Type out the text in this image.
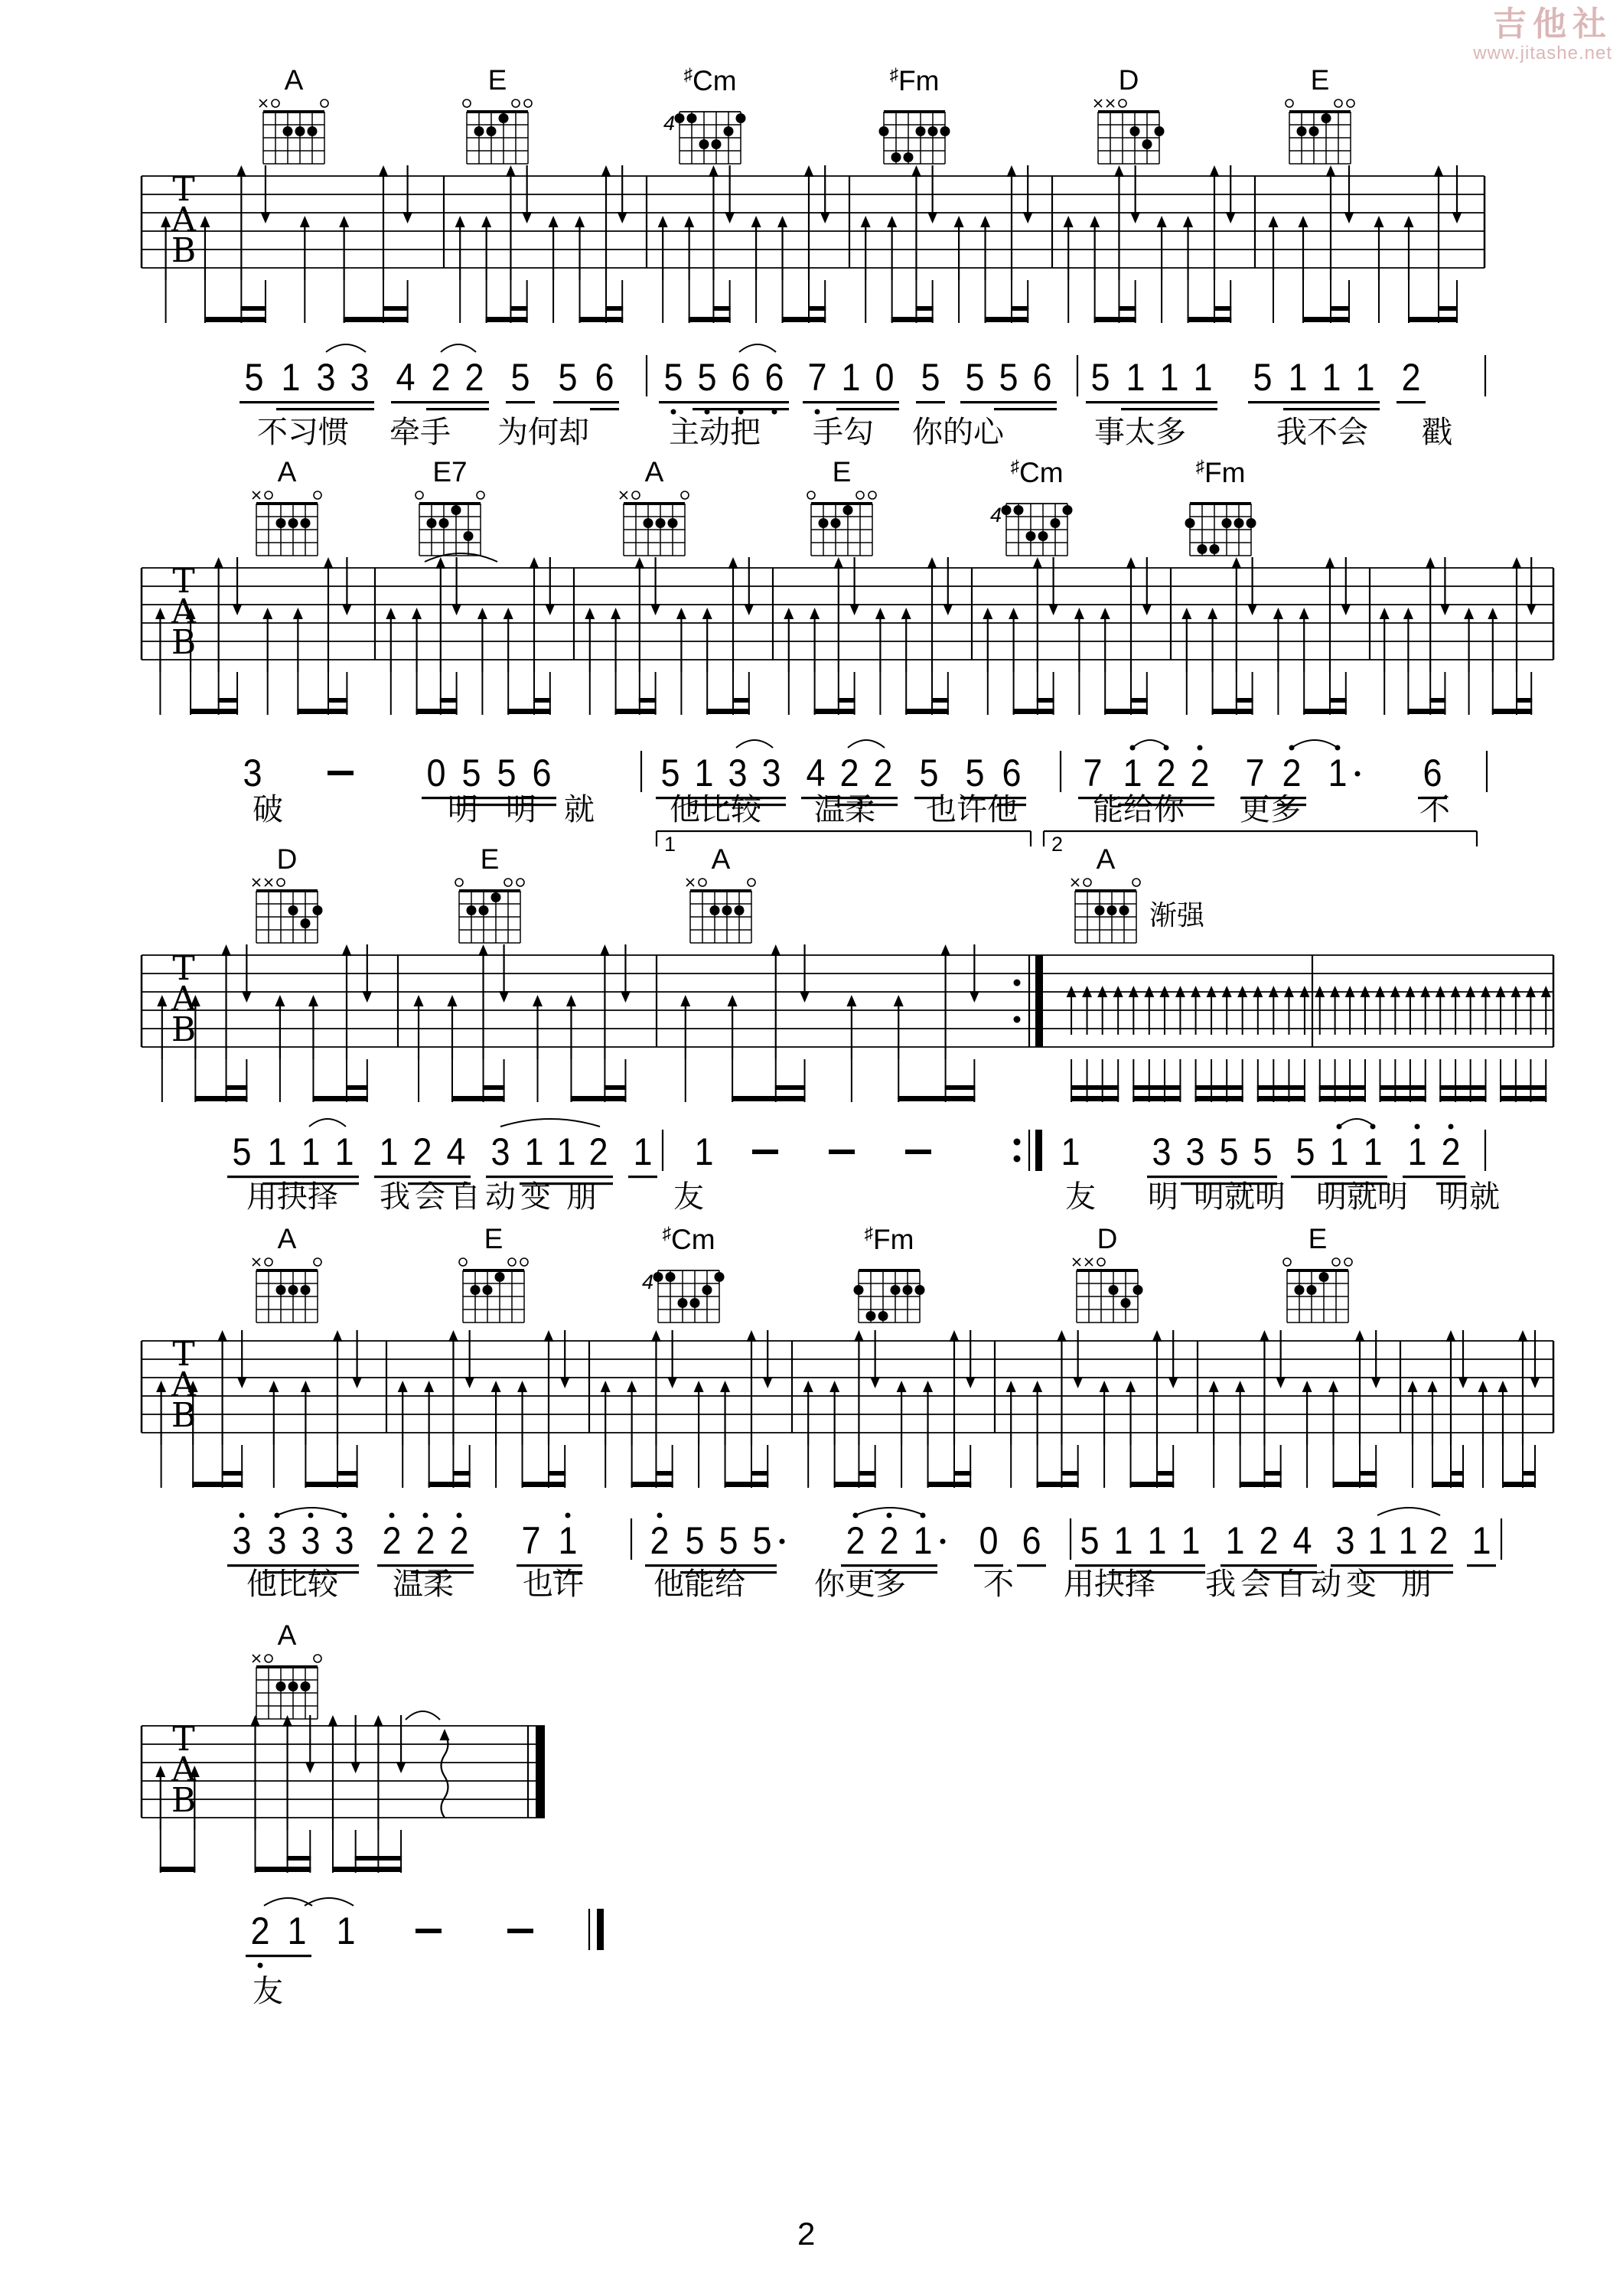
吉他社
www.jitashe.net
2
T
A
B
A	E	♯Cm
4
♯Fm	D	E
T
A
B
A	E7	A	E	♯Cm
4
♯Fm
T
A
B
D	E	A	A
渐强
T
A
B
A	E	♯Cm
4
♯Fm	D	E
T
A
B
A
5 1 3 3 4 2 2 5 5 6 5 5 6 6 7 1 0 5 5 5 6 5 1 1 1 5 1 1 1 2
不习惯 牵手 为何却	主动把 手勾 你的心	事太多	我不会 戳
3	0 5 5 6	5 1 3 3 4 2 2 5 5 6 7 1 2 2 7 2 1 6
1	2
破	明明就 他比较 温柔 也许他 能给你 更多	不
5 1 1 1 1 2 4 3 1 1 2 1 1	1 3 3 5 5 5 1 1 1 2
用抉择 我会自动变 朋	友	友 明 明就明 明就明 明就
3 3 3 3 2 2 2 7 1 2 5 5 5 2 2 1 0 6 5 1 1 1 1 2 4 3 1 1 2 1
他比较 温柔 也许 他能给 你更多	不 用抉择 我会自动变 朋
2 1 1
友
